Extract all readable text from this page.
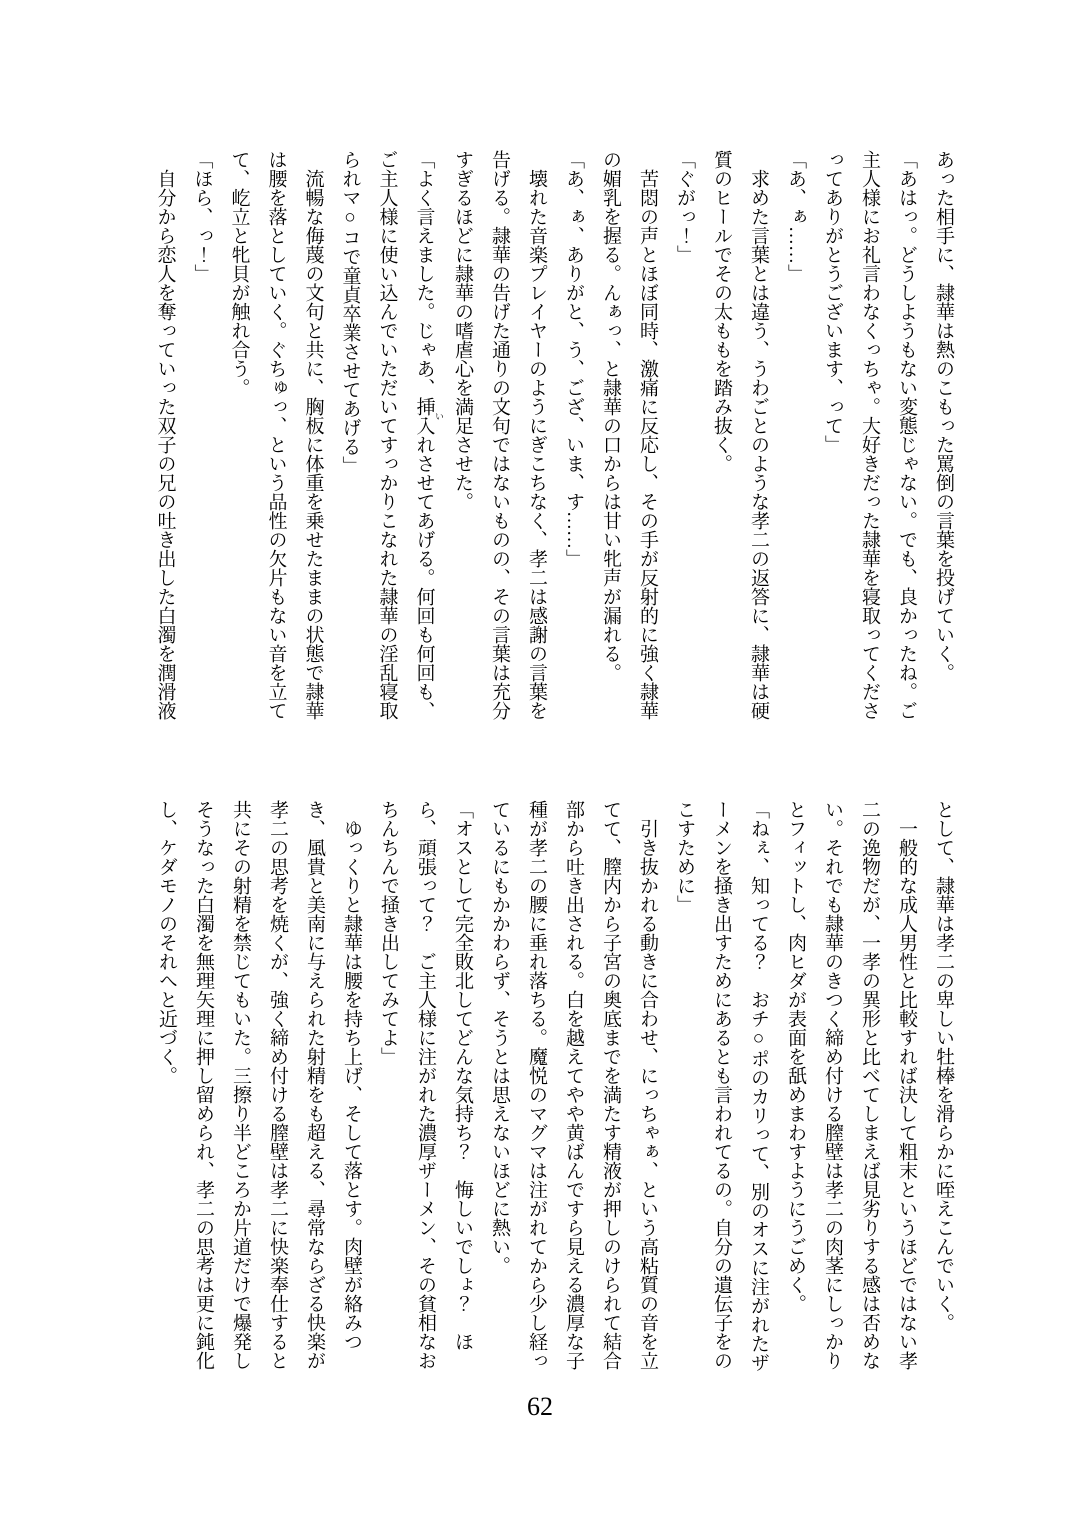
あった相手に、隷華は熱のこもった罵倒の言葉を投げていく。
「あはっ。どうしようもない変態じゃない。でも、良かったね。ご
主人様にお礼言わなくっちゃ。大好きだった隷華を寝取ってくださ
ってありがとうございます、って」
「あ、ぁ……」
　求めた言葉とは違う、うわごとのような孝二の返答に、隷華は硬
質のヒールでその太ももを踏み抜く。
「ぐがっ！」
　苦悶の声とほぼ同時、激痛に反応し、その手が反射的に強く隷華
の媚乳を握る。んぁっ、と隷華の口からは甘い牝声が漏れる。
「あ、ぁ、ありがと、う、ござ、いま、す……」
　壊れた音楽プレイヤーのようにぎこちなく、孝二は感謝の言葉を
告げる。隷華の告げた通りの文句ではないものの、その言葉は充分
すぎるほどに隷華の嗜虐心を満足させた。
「よく言えました。じゃあ、挿入 いれさせてあげる。何回も何回も、
ご主人様に使い込んでいただいてすっかりこなれた隷華の淫乱寝取
られマ○コで童貞卒業させてあげる」
　流暢な侮蔑の文句と共に、胸板に体重を乗せたままの状態で隷華
は腰を落としていく。ぐちゅっ、という品性の欠片もない音を立て
て、屹立と牝貝が触れ合う。
「ほら、っ！」
　自分から恋人を奪っていった双子の兄の吐き出した白濁を潤滑液
として、隷華は孝二の卑しい牡棒を滑らかに咥えこんでいく。
　一般的な成人男性と比較すれば決して粗末というほどではない孝
二の逸物だが、一孝の異形と比べてしまえば見劣りする感は否めな
い。それでも隷華のきつく締め付ける膣壁は孝二の肉茎にしっかり
とフィットし、肉ヒダが表面を舐めまわすようにうごめく。
「ねぇ、知ってる？　おチ○ポのカリって、別のオスに注がれたザ
ーメンを掻き出すためにあるとも言われてるの。自分の遺伝子をの
こすために」
　引き抜かれる動きに合わせ、にっちゃぁ、という高粘質の音を立
てて、膣内から子宮の奥底までを満たす精液が押しのけられて結合
部から吐き出される。白を越えてやや黄ばんですら見える濃厚な子
種が孝二の腰に垂れ落ちる。魔悦のマグマは注がれてから少し経っ
ているにもかかわらず、そうとは思えないほどに熱い。
「オスとして完全敗北してどんな気持ち？　悔しいでしょ？　ほ
ら、頑張って？　ご主人様に注がれた濃厚ザーメン、その貧相なお
ちんちんで掻き出してみてよ」
　ゆっくりと隷華は腰を持ち上げ、そして落とす。肉壁が絡みつ
き、風貴と美南に与えられた射精をも超える、尋常ならざる快楽が
孝二の思考を焼くが、強く締め付ける膣壁は孝二に快楽奉仕すると
共にその射精を禁じてもいた。三擦り半どころか片道だけで爆発し
そうなった白濁を無理矢理に押し留められ、孝二の思考は更に鈍化
し、ケダモノのそれへと近づく。
62
